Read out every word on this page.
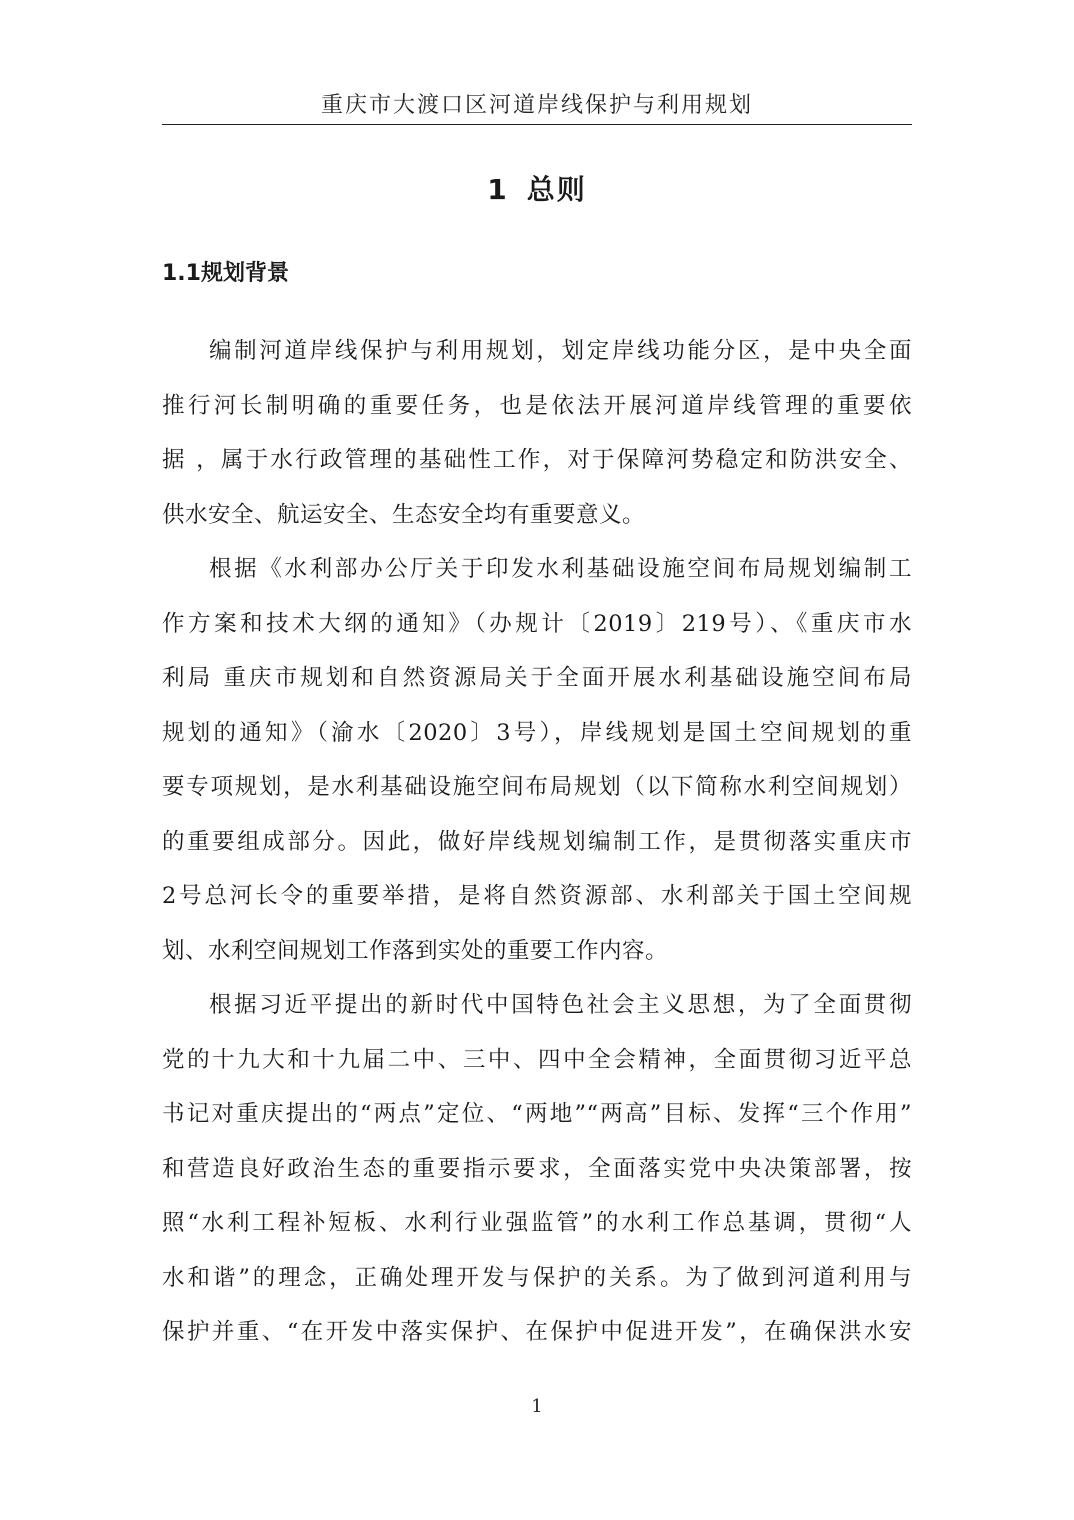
重庆市大渡口区河道岸线保护与利用规划
1 总则
1.1规划背景
编制河道岸线保护与利用规划，划定岸线功能分区，是中央全面
推行河长制明确的重要任务，也是依法开展河道岸线管理的重要依
据 ，属于水行政管理的基础性工作，对于保障河势稳定和防洪安全、
供水安全、航运安全、生态安全均有重要意义。
根据《水利部办公厅关于印发水利基础设施空间布局规划编制工
作方案和技术大纲的通知》（办规计〔2019〕219号）、《重庆市水
利局 重庆市规划和自然资源局关于全面开展水利基础设施空间布局
规划的通知》（渝水〔2020〕3号），岸线规划是国土空间规划的重
要专项规划，是水利基础设施空间布局规划（以下简称水利空间规划）
的重要组成部分。因此，做好岸线规划编制工作，是贯彻落实重庆市
2号总河长令的重要举措，是将自然资源部、水利部关于国土空间规
划、水利空间规划工作落到实处的重要工作内容。
根据习近平提出的新时代中国特色社会主义思想，为了全面贯彻
党的十九大和十九届二中、三中、四中全会精神，全面贯彻习近平总
书记对重庆提出的“两点”定位、“两地”“两高”目标、发挥“三个作用”
和营造良好政治生态的重要指示要求，全面落实党中央决策部署，按
照“水利工程补短板、水利行业强监管”的水利工作总基调，贯彻“人
水和谐”的理念，正确处理开发与保护的关系。为了做到河道利用与
保护并重、“在开发中落实保护、在保护中促进开发”，在确保洪水安
1
